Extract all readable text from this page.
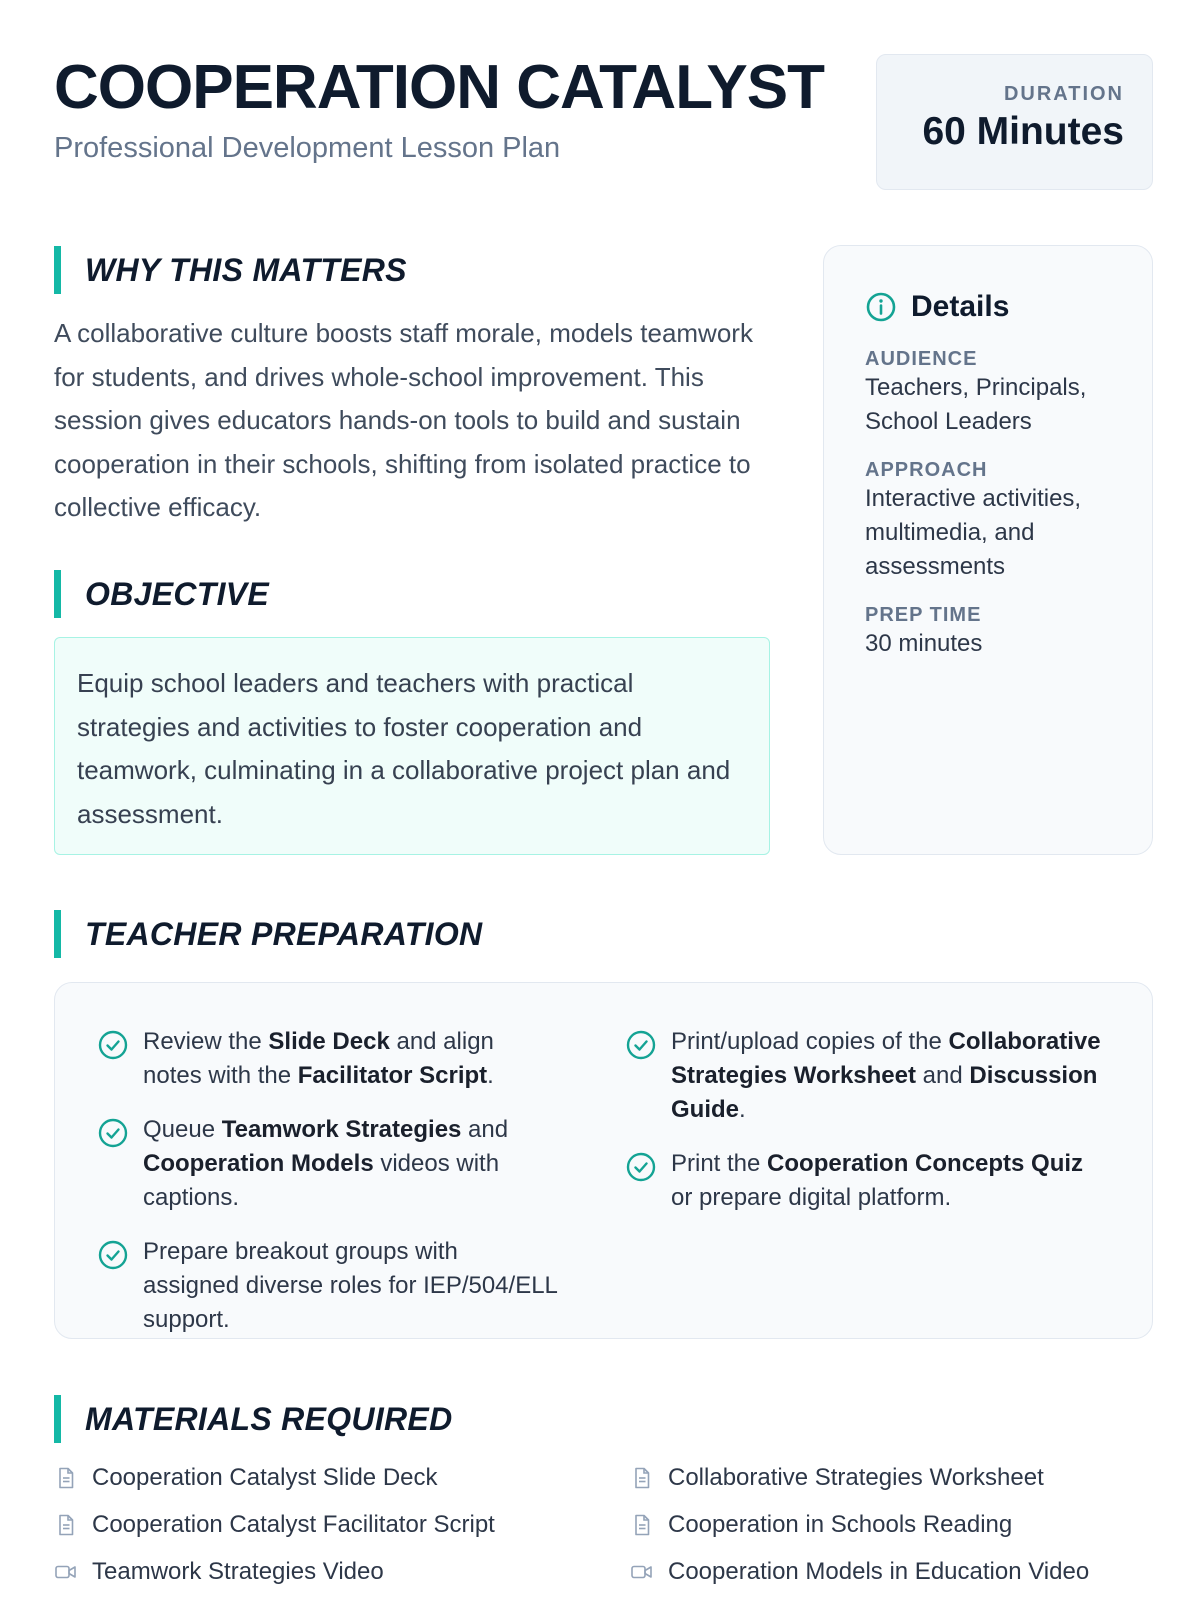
COOPERATION CATALYST
Professional Development Lesson Plan
DURATION
60 Minutes
WHY THIS MATTERS

A collaborative culture boosts staff morale, models teamwork for students, and drives whole-school improvement. This session gives educators hands-on tools to build and sustain cooperation in their schools, shifting from isolated practice to collective efficacy.

OBJECTIVE
Equip school leaders and teachers with practical strategies and activities to foster cooperation and teamwork, culminating in a collaborative project plan and assessment.
Details
AUDIENCE
Teachers, Principals, School Leaders
APPROACH
Interactive activities, multimedia, and assessments
PREP TIME
30 minutes
TEACHER PREPARATION
Review the Slide Deck and align notes with the Facilitator Script.
Queue Teamwork Strategies and Cooperation Models videos with captions.
Prepare breakout groups with assigned diverse roles for IEP/504/ELL support.
Print/upload copies of the Collaborative Strategies Worksheet and Discussion Guide.
Print the Cooperation Concepts Quiz or prepare digital platform.
MATERIALS REQUIRED
Cooperation Catalyst Slide Deck	Collaborative Strategies Worksheet
Cooperation Catalyst Facilitator Script	Cooperation in Schools Reading
Teamwork Strategies Video	Cooperation Models in Education Video
